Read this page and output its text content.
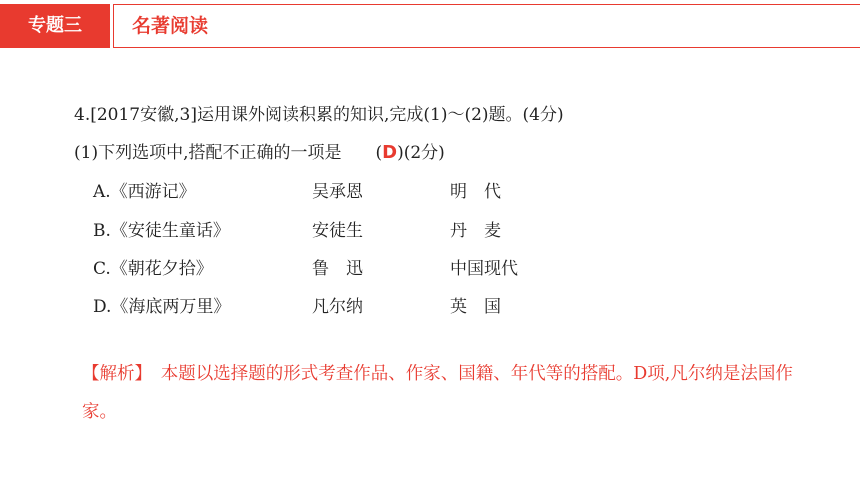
专题三	名著阅读
4.[2017安徽,3]运用课外阅读积累的知识,完成(1)～(2)题。(4分)
(1)下列选项中,搭配不正确的一项是　　(D)(2分)
A.《西游记》	吴承恩	明　代
B.《安徒生童话》	安徒生	丹　麦
C.《朝花夕拾》	鲁　迅	中国现代
D.《海底两万里》	凡尔纳	英　国
【解析】　本题以选择题的形式考查作品、作家、国籍、年代等的搭配。D项,凡尔纳是法国作家。
